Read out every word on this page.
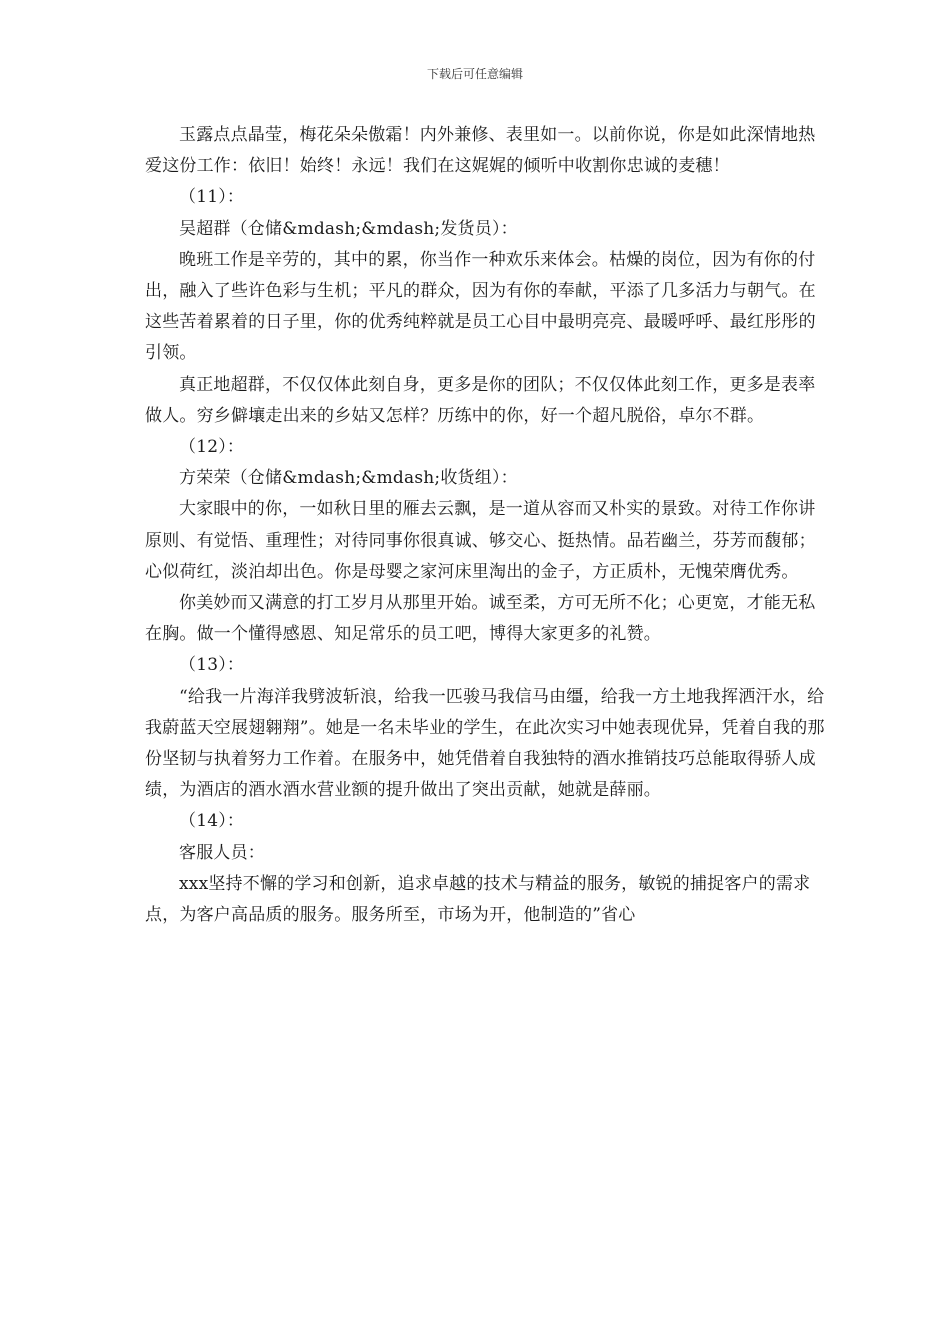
下载后可任意编辑

玉露点点晶莹，梅花朵朵傲霜！内外兼修、表里如一。以前你说，你是如此深情地热爱这份工作：依旧！始终！永远！我们在这娓娓的倾听中收割你忠诚的麦穗！

（11）：

吴超群（仓储&mdash;&mdash;发货员）：

晚班工作是辛劳的，其中的累，你当作一种欢乐来体会。枯燥的岗位，因为有你的付出，融入了些许色彩与生机；平凡的群众，因为有你的奉献，平添了几多活力与朝气。在这些苦着累着的日子里，你的优秀纯粹就是员工心目中最明亮亮、最暖呼呼、最红彤彤的引领。

真正地超群，不仅仅体此刻自身，更多是你的团队；不仅仅体此刻工作，更多是表率做人。穷乡僻壤走出来的乡姑又怎样？历练中的你，好一个超凡脱俗，卓尔不群。

（12）：

方荣荣（仓储&mdash;&mdash;收货组）：

大家眼中的你，一如秋日里的雁去云飘，是一道从容而又朴实的景致。对待工作你讲原则、有觉悟、重理性；对待同事你很真诚、够交心、挺热情。品若幽兰，芬芳而馥郁；心似荷红，淡泊却出色。你是母婴之家河床里淘出的金子，方正质朴，无愧荣膺优秀。

你美妙而又满意的打工岁月从那里开始。诚至柔，方可无所不化；心更宽，才能无私在胸。做一个懂得感恩、知足常乐的员工吧，博得大家更多的礼赞。

（13）：

“给我一片海洋我劈波斩浪，给我一匹骏马我信马由缰，给我一方土地我挥洒汗水，给我蔚蓝天空展翅翱翔”。她是一名未毕业的学生，在此次实习中她表现优异，凭着自我的那份坚韧与执着努力工作着。在服务中，她凭借着自我独特的酒水推销技巧总能取得骄人成绩，为酒店的酒水酒水营业额的提升做出了突出贡献，她就是薛丽。

（14）：

客服人员：

xxx坚持不懈的学习和创新，追求卓越的技术与精益的服务，敏锐的捕捉客户的需求点，为客户高品质的服务。服务所至，市场为开，他制造的”省心
